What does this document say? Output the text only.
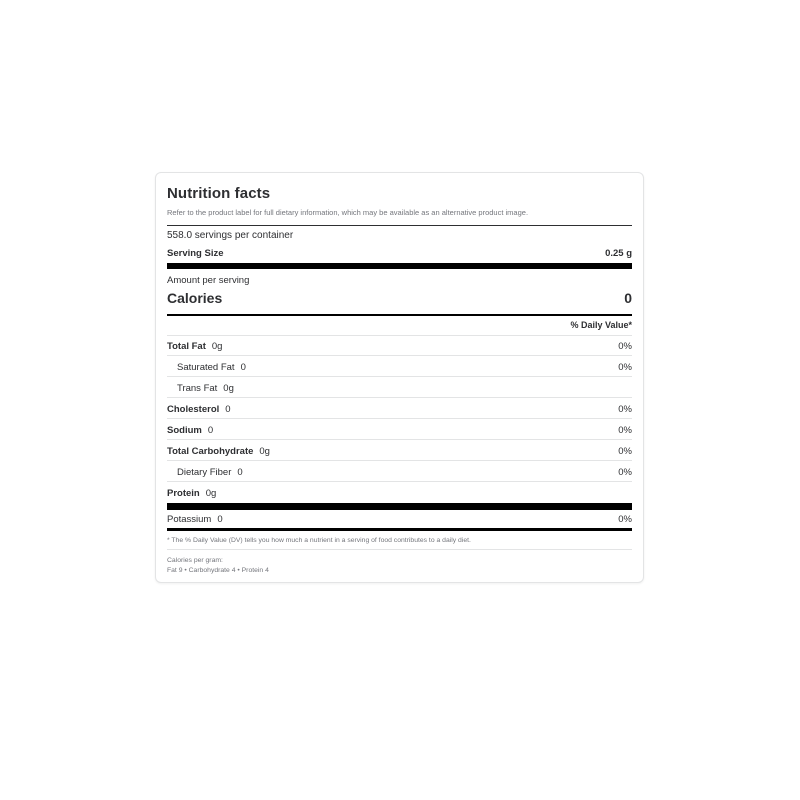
Nutrition facts
Refer to the product label for full dietary information, which may be available as an alternative product image.
558.0 servings per container
Serving Size	0.25 g
Amount per serving
Calories	0
% Daily Value*
Total Fat 0g	0%
Saturated Fat 0	0%
Trans Fat 0g
Cholesterol 0	0%
Sodium 0	0%
Total Carbohydrate 0g	0%
Dietary Fiber 0	0%
Protein 0g
Potassium 0	0%
* The % Daily Value (DV) tells you how much a nutrient in a serving of food contributes to a daily diet.
Calories per gram:
Fat 9 • Carbohydrate 4 • Protein 4
